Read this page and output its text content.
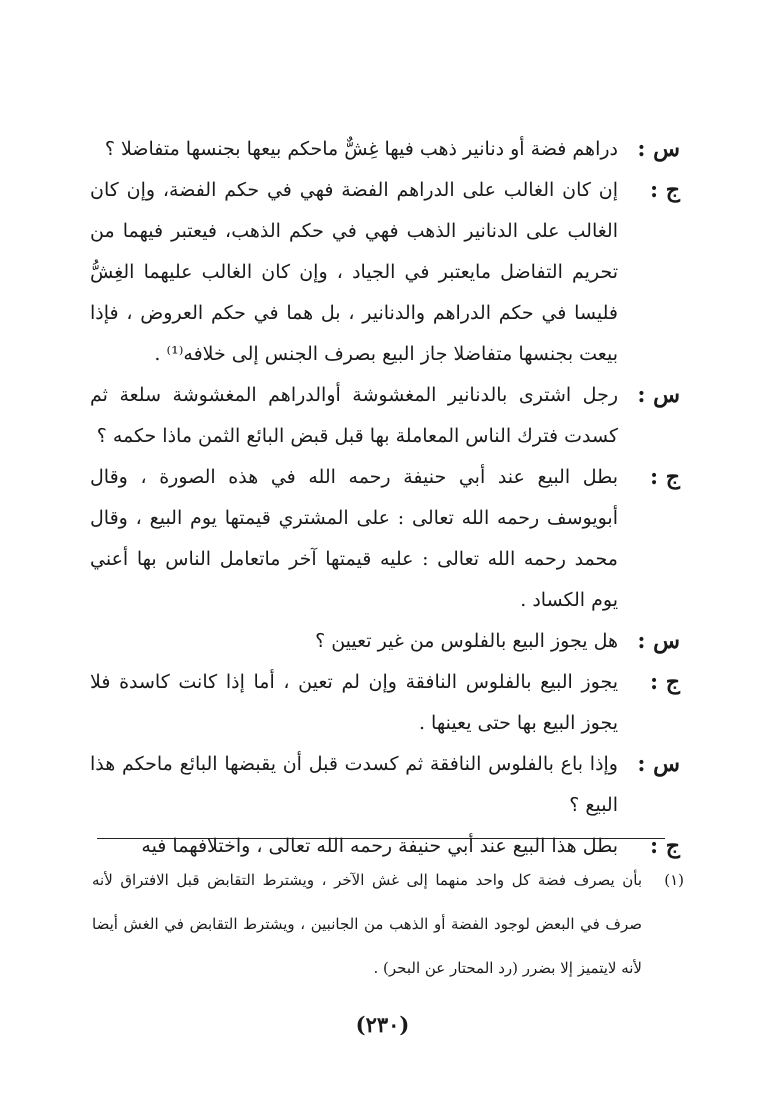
س :
دراهم فضة أو دنانير ذهب فيها غِشٌّ ماحكم بيعها بجنسها متفاضلا ؟
ج :
إن كان الغالب على الدراهم الفضة فهي في حكم الفضة، وإن كان الغالب على الدنانير الذهب فهي في حكم الذهب، فيعتبر فيهما من تحريم التفاضل مايعتبر في الجياد ، وإن كان الغالب عليهما الغِشُّ فليسا في حكم الدراهم والدنانير ، بل هما في حكم العروض ، فإذا بيعت بجنسها متفاضلا جاز البيع بصرف الجنس إلى خلافه⁽¹⁾ .
س :
رجل اشترى بالدنانير المغشوشة أوالدراهم المغشوشة سلعة ثم كسدت فترك الناس المعاملة بها قبل قبض البائع الثمن ماذا حكمه ؟
ج :
بطل البيع عند أبي حنيفة رحمه الله في هذه الصورة ، وقال أبويوسف رحمه الله تعالى : على المشتري قيمتها يوم البيع ، وقال محمد رحمه الله تعالى : عليه قيمتها آخر ماتعامل الناس بها أعني يوم الكساد .
س :
هل يجوز البيع بالفلوس من غير تعيين ؟
ج :
يجوز البيع بالفلوس النافقة وإن لم تعين ، أما إذا كانت كاسدة فلا يجوز البيع بها حتى يعينها .
س :
وإذا باع بالفلوس النافقة ثم كسدت قبل أن يقبضها البائع ماحكم هذا البيع ؟
ج :
بطل هذا البيع عند أبي حنيفة رحمه الله تعالى ، واختلافهما فيه
(١)
بأن يصرف فضة كل واحد منهما إلى غش الآخر ، ويشترط التقابض قبل الافتراق لأنه صرف في البعض لوجود الفضة أو الذهب من الجانبين ، ويشترط التقابض في الغش أيضا لأنه لايتميز إلا بضرر (رد المحتار عن البحر) .
(٢٣٠)
